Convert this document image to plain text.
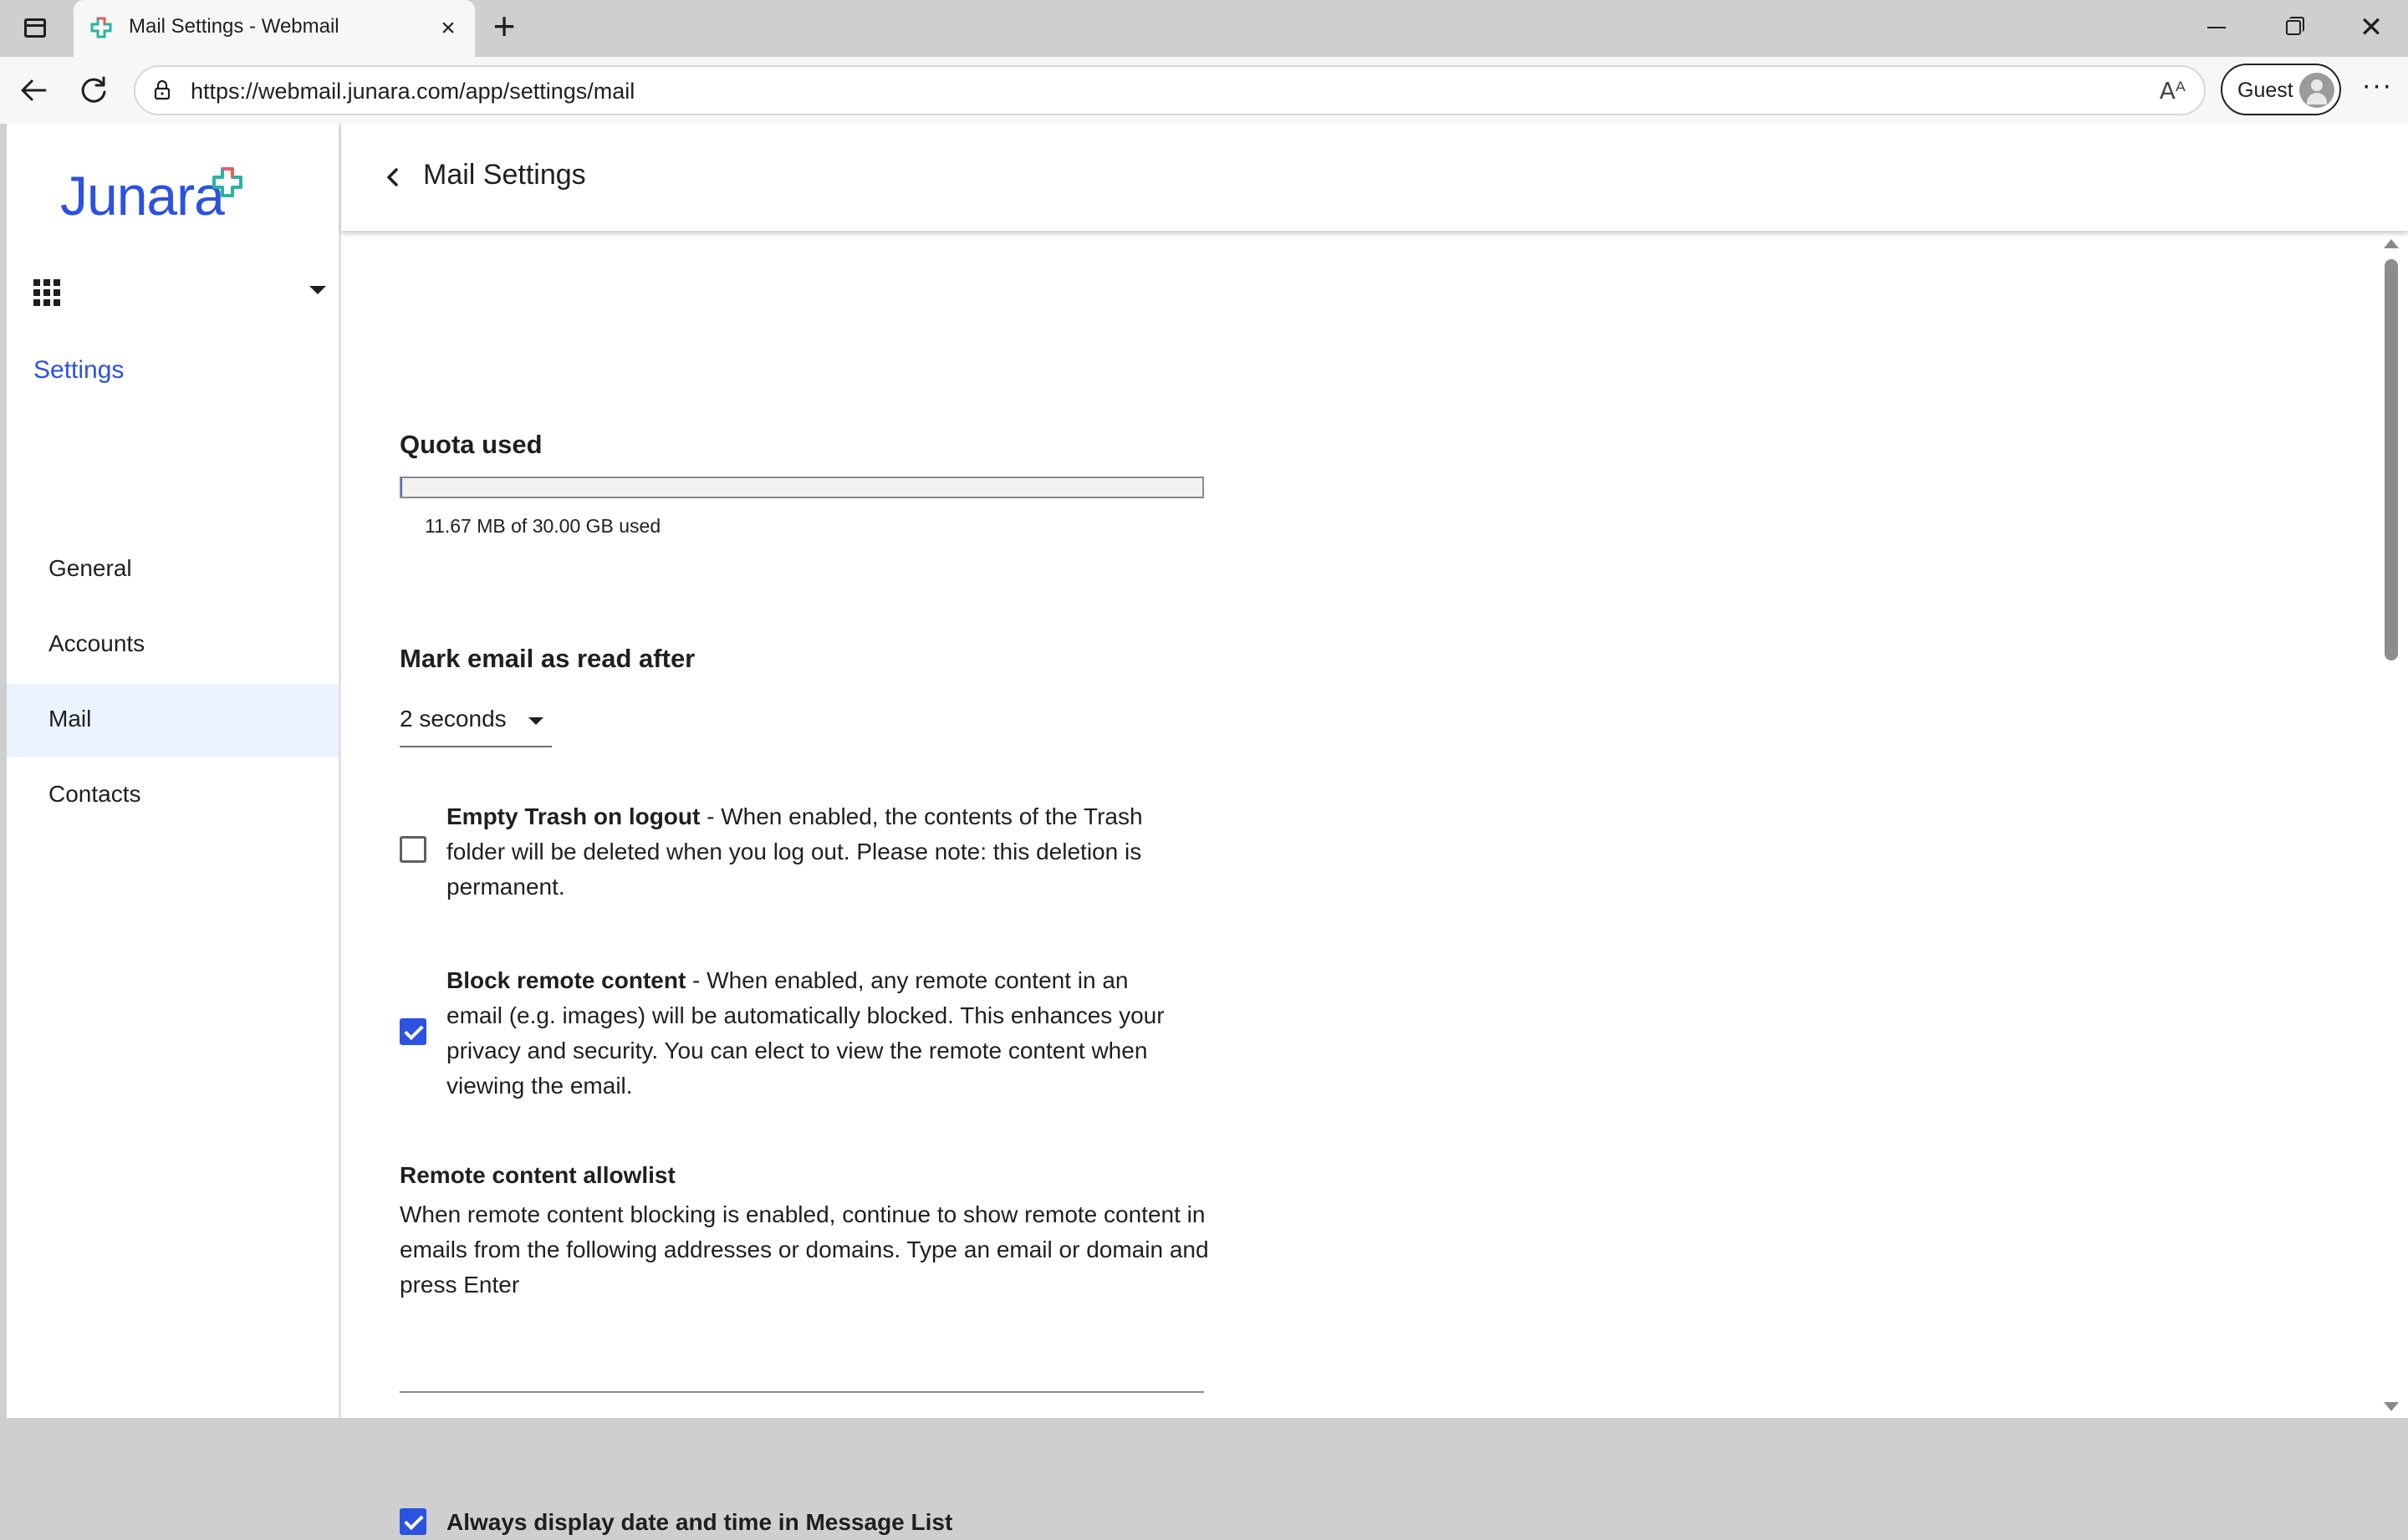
Mail Settings - Webmail	× +	✕
https://webmail.junara.com/app/settings/mail	Aᴬ Guest ···
Junara
Settings
General
Accounts
Mail
Contacts
Mail Settings
Quota used
11.67 MB of 30.00 GB used
Mark email as read after
2 seconds
Empty Trash on logout - When enabled, the contents of the Trash folder will be deleted when you log out. Please note: this deletion is permanent.
Block remote content - When enabled, any remote content in an email (e.g. images) will be automatically blocked. This enhances your privacy and security. You can elect to view the remote content when viewing the email.
Remote content allowlist
When remote content blocking is enabled, continue to show remote content in emails from the following addresses or domains. Type an email or domain and press Enter
Always display date and time in Message List
